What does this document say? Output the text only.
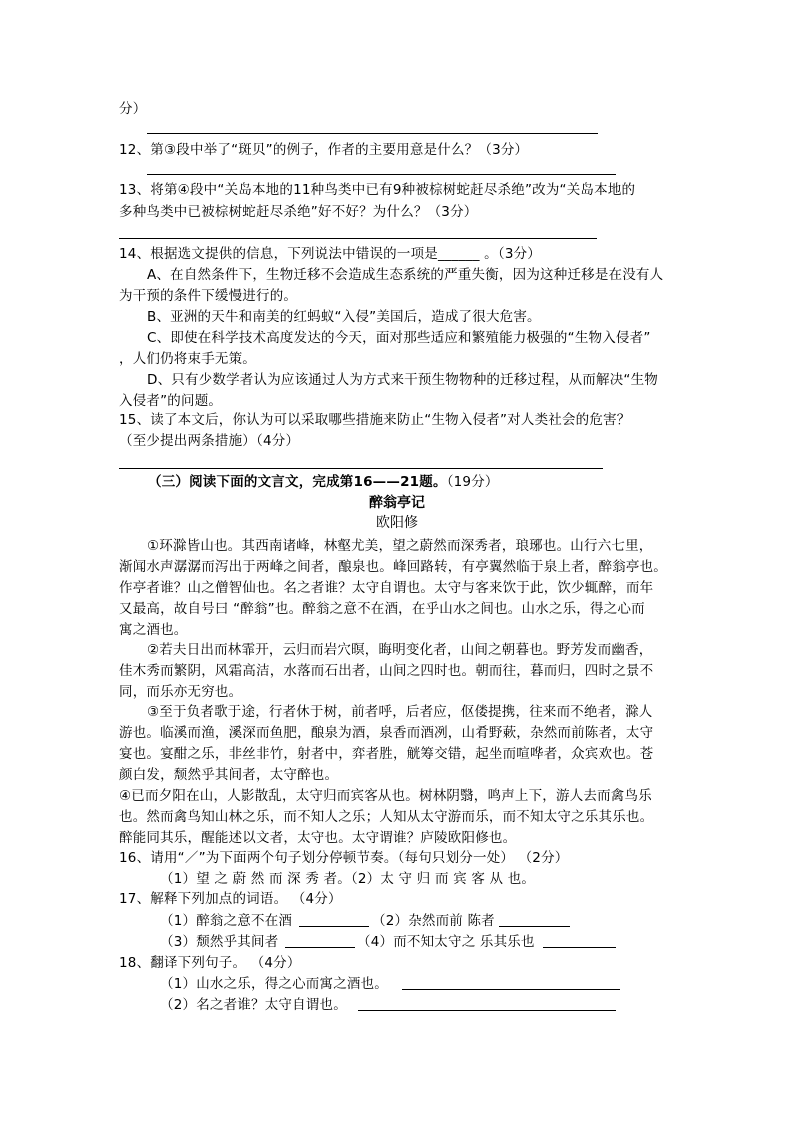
分）
12、第③段中举了“斑贝”的例子，作者的主要用意是什么？（3分）
13、将第④段中“关岛本地的11种鸟类中已有9种被棕树蛇赶尽杀绝”改为“关岛本地的
多种鸟类中已被棕树蛇赶尽杀绝”好不好？为什么？（3分）
14、根据选文提供的信息，下列说法中错误的一项是______ 。（3分）
A、在自然条件下，生物迁移不会造成生态系统的严重失衡，因为这种迁移是在没有人
为干预的条件下缓慢进行的。
B、亚洲的天牛和南美的红蚂蚁“入侵”美国后，造成了很大危害。
C、即使在科学技术高度发达的今天，面对那些适应和繁殖能力极强的“生物入侵者”
，人们仍将束手无策。
D、只有少数学者认为应该通过人为方式来干预生物物种的迁移过程，从而解决“生物
入侵者”的问题。
15、读了本文后，你认为可以采取哪些措施来防止“生物入侵者”对人类社会的危害？
（至少提出两条措施）（4分）
（三）阅读下面的文言文，完成第16——21题。（19分）
醉翁亭记
欧阳修
①环滁皆山也。其西南诸峰，林壑尤美，望之蔚然而深秀者，琅琊也。山行六七里，
渐闻水声潺潺而泻出于两峰之间者，酿泉也。峰回路转，有亭翼然临于泉上者，醉翁亭也。
作亭者谁？山之僧智仙也。名之者谁？太守自谓也。太守与客来饮于此，饮少辄醉，而年
又最高，故自号曰 “醉翁”也。醉翁之意不在酒，在乎山水之间也。山水之乐，得之心而
寓之酒也。
②若夫日出而林霏开，云归而岩穴暝，晦明变化者，山间之朝暮也。野芳发而幽香，
佳木秀而繁阴，风霜高洁，水落而石出者，山间之四时也。朝而往，暮而归，四时之景不
同，而乐亦无穷也。
③至于负者歌于途，行者休于树，前者呼，后者应，伛偻提携，往来而不绝者，滁人
游也。临溪而渔，溪深而鱼肥，酿泉为酒，泉香而酒冽，山肴野蔌，杂然而前陈者，太守
宴也。宴酣之乐，非丝非竹，射者中，弈者胜，觥筹交错，起坐而喧哗者，众宾欢也。苍
颜白发，颓然乎其间者，太守醉也。
④已而夕阳在山，人影散乱，太守归而宾客从也。树林阴翳，鸣声上下，游人去而禽鸟乐
也。然而禽鸟知山林之乐，而不知人之乐；人知从太守游而乐，而不知太守之乐其乐也。
醉能同其乐，醒能述以文者，太守也。太守谓谁？庐陵欧阳修也。
16、请用“／”为下面两个句子划分停顿节奏。（每句只划分一处） （2分）
（1）望 之 蔚 然 而 深 秀 者。（2）太 守 归 而 宾 客 从 也。
17、解释下列加点的词语。 （4分）
（1）醉翁之意不在酒	（2）杂然而前 陈者
（3）颓然乎其间者	（4）而不知太守之 乐其乐也
18、翻译下列句子。 （4分）
（1）山水之乐，得之心而寓之酒也。
（2）名之者谁？太守自谓也。
